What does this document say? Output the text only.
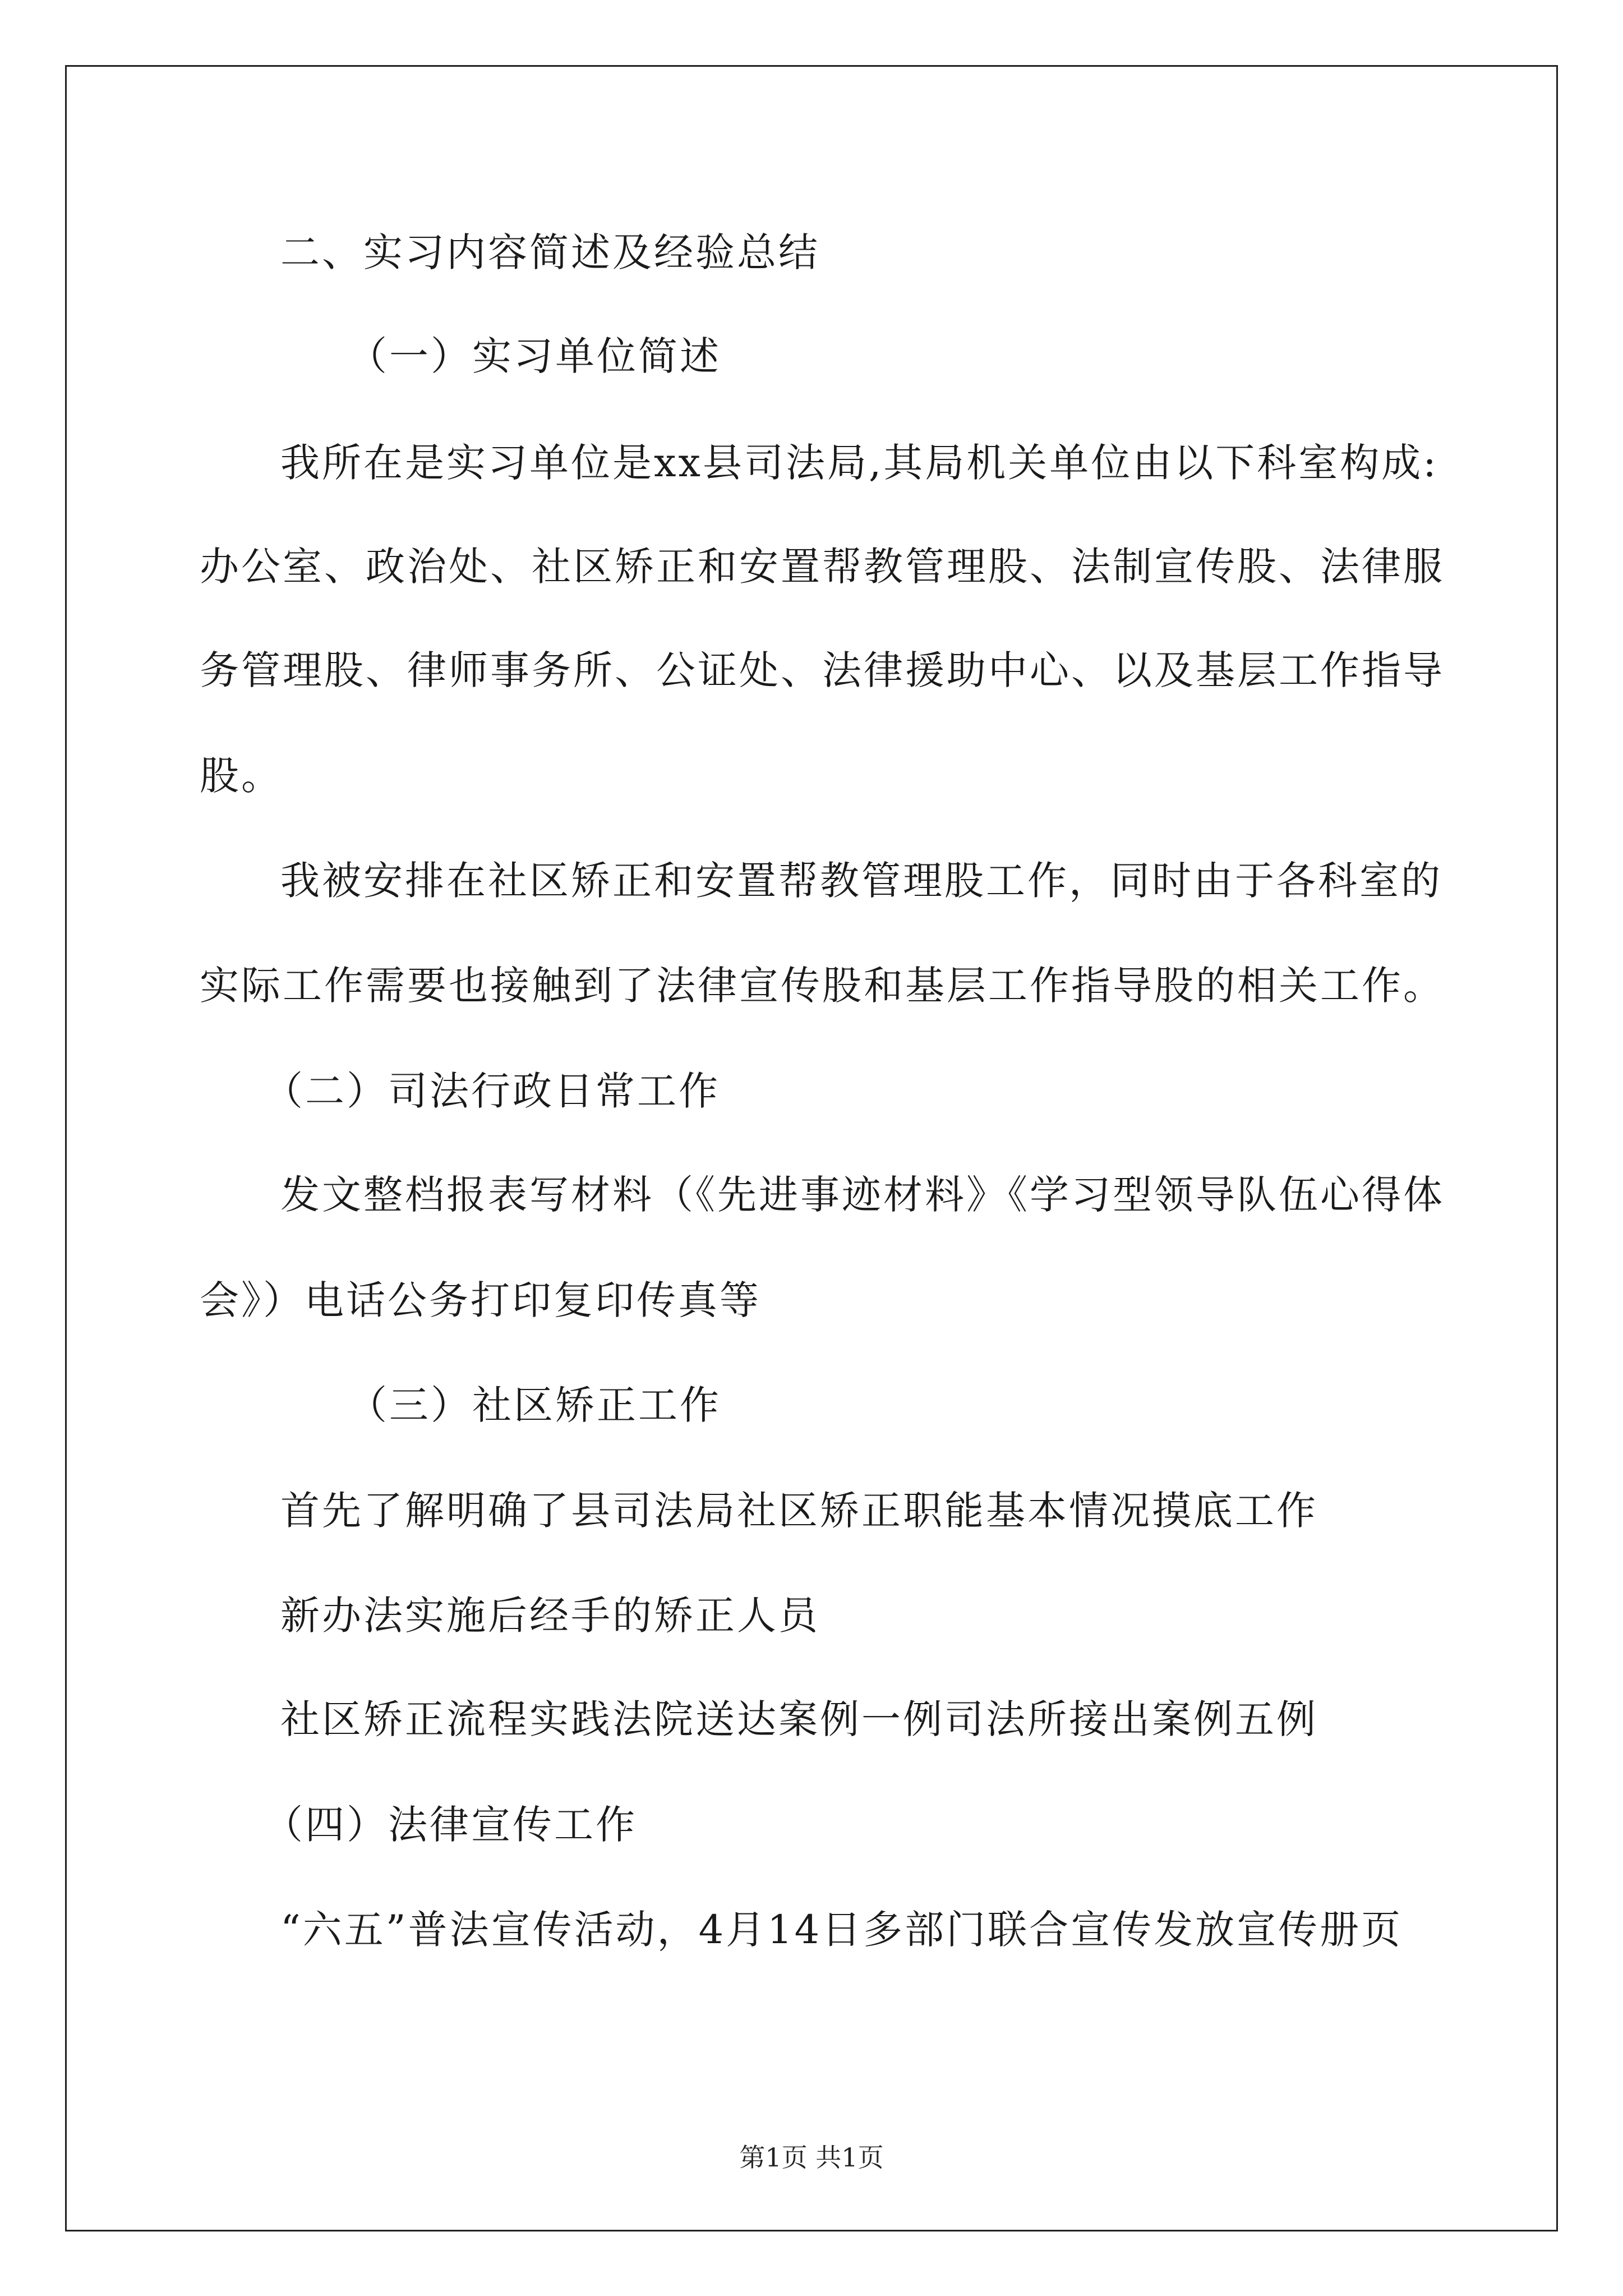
二、实习内容简述及经验总结
（一）实习单位简述
我所在是实习单位是xx县司法局,其局机关单位由以下科室构成:
办公室、政治处、社区矫正和安置帮教管理股、法制宣传股、法律服
务管理股、律师事务所、公证处、法律援助中心、以及基层工作指导
股。
我被安排在社区矫正和安置帮教管理股工作，同时由于各科室的
实际工作需要也接触到了法律宣传股和基层工作指导股的相关工作。
（二）司法行政日常工作
发文整档报表写材料（《先进事迹材料》《学习型领导队伍心得体
会》）电话公务打印复印传真等
（三）社区矫正工作
首先了解明确了县司法局社区矫正职能基本情况摸底工作
新办法实施后经手的矫正人员
社区矫正流程实践法院送达案例一例司法所接出案例五例
（四）法律宣传工作
“六五”普法宣传活动，4月14日多部门联合宣传发放宣传册页
第1页 共1页
